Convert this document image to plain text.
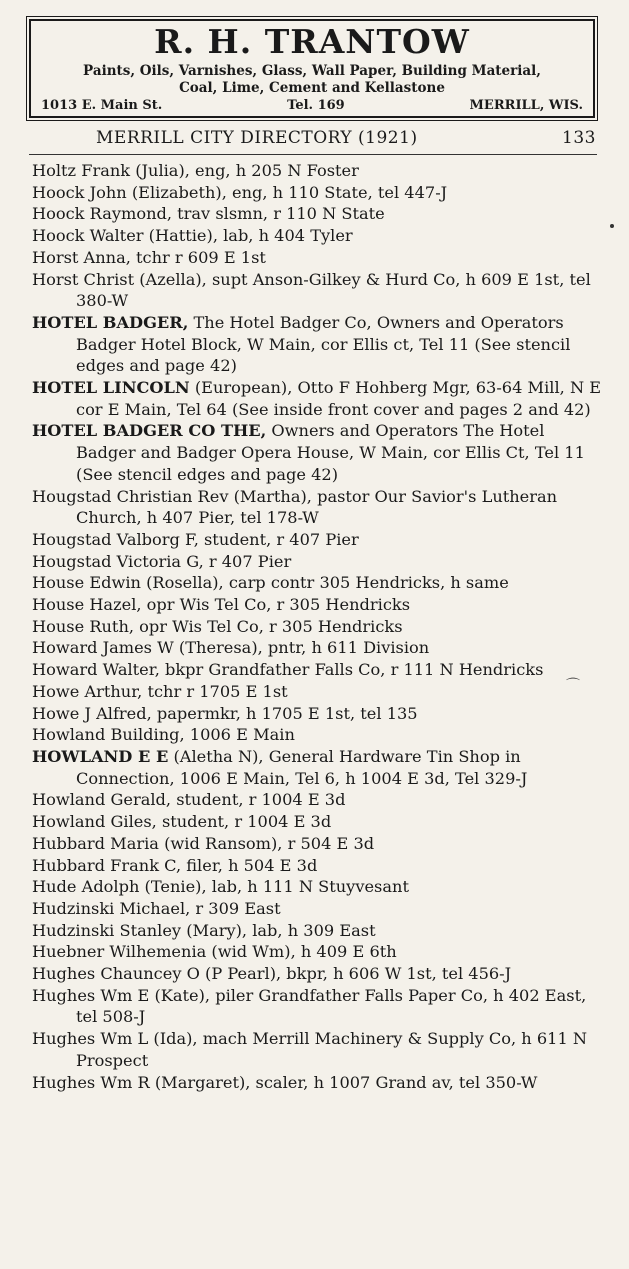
R. H. TRANTOW
Paints, Oils, Varnishes, Glass, Wall Paper, Building Material,
Coal, Lime, Cement and Kellastone
1013 E. Main St.	Tel. 169	MERRILL, WIS.
MERRILL CITY DIRECTORY (1921)	133

Holtz Frank (Julia), eng, h 205 N Foster

Hoock John (Elizabeth), eng, h 110 State, tel 447-J

Hoock Raymond, trav slsmn, r 110 N State

Hoock Walter (Hattie), lab, h 404 Tyler

Horst Anna, tchr r 609 E 1st

Horst Christ (Azella), supt Anson-Gilkey & Hurd Co, h 609 E 1st, tel 380-W

HOTEL BADGER, The Hotel Badger Co, Owners and Operators Badger Hotel Block, W Main, cor Ellis ct, Tel 11 (See stencil edges and page 42)

HOTEL LINCOLN (European), Otto F Hohberg Mgr, 63-64 Mill, N E cor E Main, Tel 64 (See inside front cover and pages 2 and 42)

HOTEL BADGER CO THE, Owners and Operators The Hotel Badger and Badger Opera House, W Main, cor Ellis Ct, Tel 11 (See stencil edges and page 42)

Hougstad Christian Rev (Martha), pastor Our Savior's Lutheran Church, h 407 Pier, tel 178-W

Hougstad Valborg F, student, r 407 Pier

Hougstad Victoria G, r 407 Pier

House Edwin (Rosella), carp contr 305 Hendricks, h same

House Hazel, opr Wis Tel Co, r 305 Hendricks

House Ruth, opr Wis Tel Co, r 305 Hendricks

Howard James W (Theresa), pntr, h 611 Division

Howard Walter, bkpr Grandfather Falls Co, r 111 N Hendricks

Howe Arthur, tchr r 1705 E 1st

Howe J Alfred, papermkr, h 1705 E 1st, tel 135

Howland Building, 1006 E Main

HOWLAND E E (Aletha N), General Hardware Tin Shop in Connection, 1006 E Main, Tel 6, h 1004 E 3d, Tel 329-J

Howland Gerald, student, r 1004 E 3d

Howland Giles, student, r 1004 E 3d

Hubbard Maria (wid Ransom), r 504 E 3d

Hubbard Frank C, filer, h 504 E 3d

Hude Adolph (Tenie), lab, h 111 N Stuyvesant

Hudzinski Michael, r 309 East

Hudzinski Stanley (Mary), lab, h 309 East

Huebner Wilhemenia (wid Wm), h 409 E 6th

Hughes Chauncey O (P Pearl), bkpr, h 606 W 1st, tel 456-J

Hughes Wm E (Kate), piler Grandfather Falls Paper Co, h 402 East, tel 508-J

Hughes Wm L (Ida), mach Merrill Machinery & Supply Co, h 611 N Prospect

Hughes Wm R (Margaret), scaler, h 1007 Grand av, tel 350-W

⌒
